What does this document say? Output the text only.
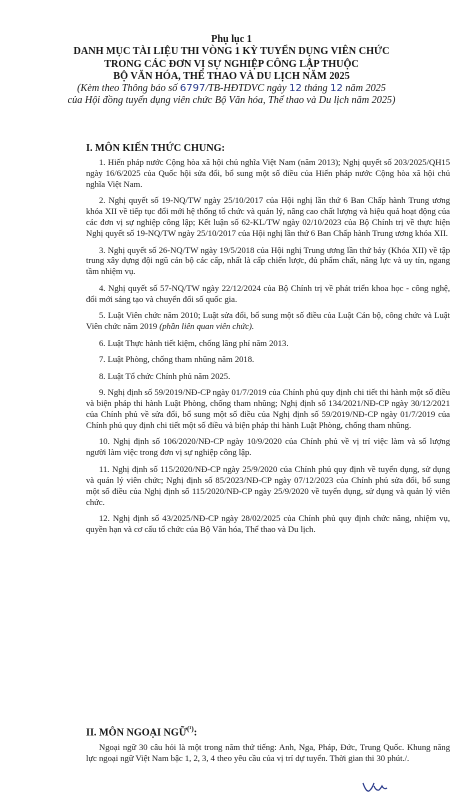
Phụ lục 1
DANH MỤC TÀI LIỆU THI VÒNG 1 KỲ TUYỂN DỤNG VIÊN CHỨC
TRONG CÁC ĐƠN VỊ SỰ NGHIỆP CÔNG LẬP THUỘC
BỘ VĂN HÓA, THỂ THAO VÀ DU LỊCH NĂM 2025
(Kèm theo Thông báo số 6797/TB-HĐTDVC ngày 12 tháng 12 năm 2025
của Hội đồng tuyển dụng viên chức Bộ Văn hóa, Thể thao và Du lịch năm 2025)
I. MÔN KIẾN THỨC CHUNG:

1. Hiến pháp nước Cộng hòa xã hội chủ nghĩa Việt Nam (năm 2013); Nghị quyết số 203/2025/QH15 ngày 16/6/2025 của Quốc hội sửa đổi, bổ sung một số điều của Hiến pháp nước Cộng hòa xã hội chủ nghĩa Việt Nam.

2. Nghị quyết số 19-NQ/TW ngày 25/10/2017 của Hội nghị lần thứ 6 Ban Chấp hành Trung ương khóa XII về tiếp tục đổi mới hệ thống tổ chức và quản lý, nâng cao chất lượng và hiệu quả hoạt động của các đơn vị sự nghiệp công lập; Kết luận số 62-KL/TW ngày 02/10/2023 của Bộ Chính trị về thực hiện Nghị quyết số 19-NQ/TW ngày 25/10/2017 của Hội nghị lần thứ 6 Ban Chấp hành Trung ương khóa XII.

3. Nghị quyết số 26-NQ/TW ngày 19/5/2018 của Hội nghị Trung ương lần thứ bảy (Khóa XII) về tập trung xây dựng đội ngũ cán bộ các cấp, nhất là cấp chiến lược, đủ phẩm chất, năng lực và uy tín, ngang tầm nhiệm vụ.

4. Nghị quyết số 57-NQ/TW ngày 22/12/2024 của Bộ Chính trị về phát triển khoa học - công nghệ, đổi mới sáng tạo và chuyển đổi số quốc gia.

5. Luật Viên chức năm 2010; Luật sửa đổi, bổ sung một số điều của Luật Cán bộ, công chức và Luật Viên chức năm 2019 (phần liên quan viên chức).

6. Luật Thực hành tiết kiệm, chống lãng phí năm 2013.

7. Luật Phòng, chống tham nhũng năm 2018.

8. Luật Tổ chức Chính phủ năm 2025.

9. Nghị định số 59/2019/NĐ-CP ngày 01/7/2019 của Chính phủ quy định chi tiết thi hành một số điều và biện pháp thi hành Luật Phòng, chống tham nhũng; Nghị định số 134/2021/NĐ-CP ngày 30/12/2021 của Chính phủ về sửa đổi, bổ sung một số điều của Nghị định số 59/2019/NĐ-CP ngày 01/7/2019 của Chính phủ quy định chi tiết một số điều và biện pháp thi hành Luật Phòng, chống tham nhũng.

10. Nghị định số 106/2020/NĐ-CP ngày 10/9/2020 của Chính phủ về vị trí việc làm và số lượng người làm việc trong đơn vị sự nghiệp công lập.

11. Nghị định số 115/2020/NĐ-CP ngày 25/9/2020 của Chính phủ quy định về tuyển dụng, sử dụng và quản lý viên chức; Nghị định số 85/2023/NĐ-CP ngày 07/12/2023 của Chính phủ sửa đổi, bổ sung một số điều của Nghị định số 115/2020/NĐ-CP ngày 25/9/2020 về tuyển dụng, sử dụng và quản lý viên chức.

12. Nghị định số 43/2025/NĐ-CP ngày 28/02/2025 của Chính phủ quy định chức năng, nhiệm vụ, quyền hạn và cơ cấu tổ chức của Bộ Văn hóa, Thể thao và Du lịch.

II. MÔN NGOẠI NGỮ$^{(^1)}$:

Ngoại ngữ 30 câu hỏi là một trong năm thứ tiếng: Anh, Nga, Pháp, Đức, Trung Quốc. Khung năng lực ngoại ngữ Việt Nam bậc 1, 2, 3, 4 theo yêu cầu của vị trí dự tuyển. Thời gian thi 30 phút./.
